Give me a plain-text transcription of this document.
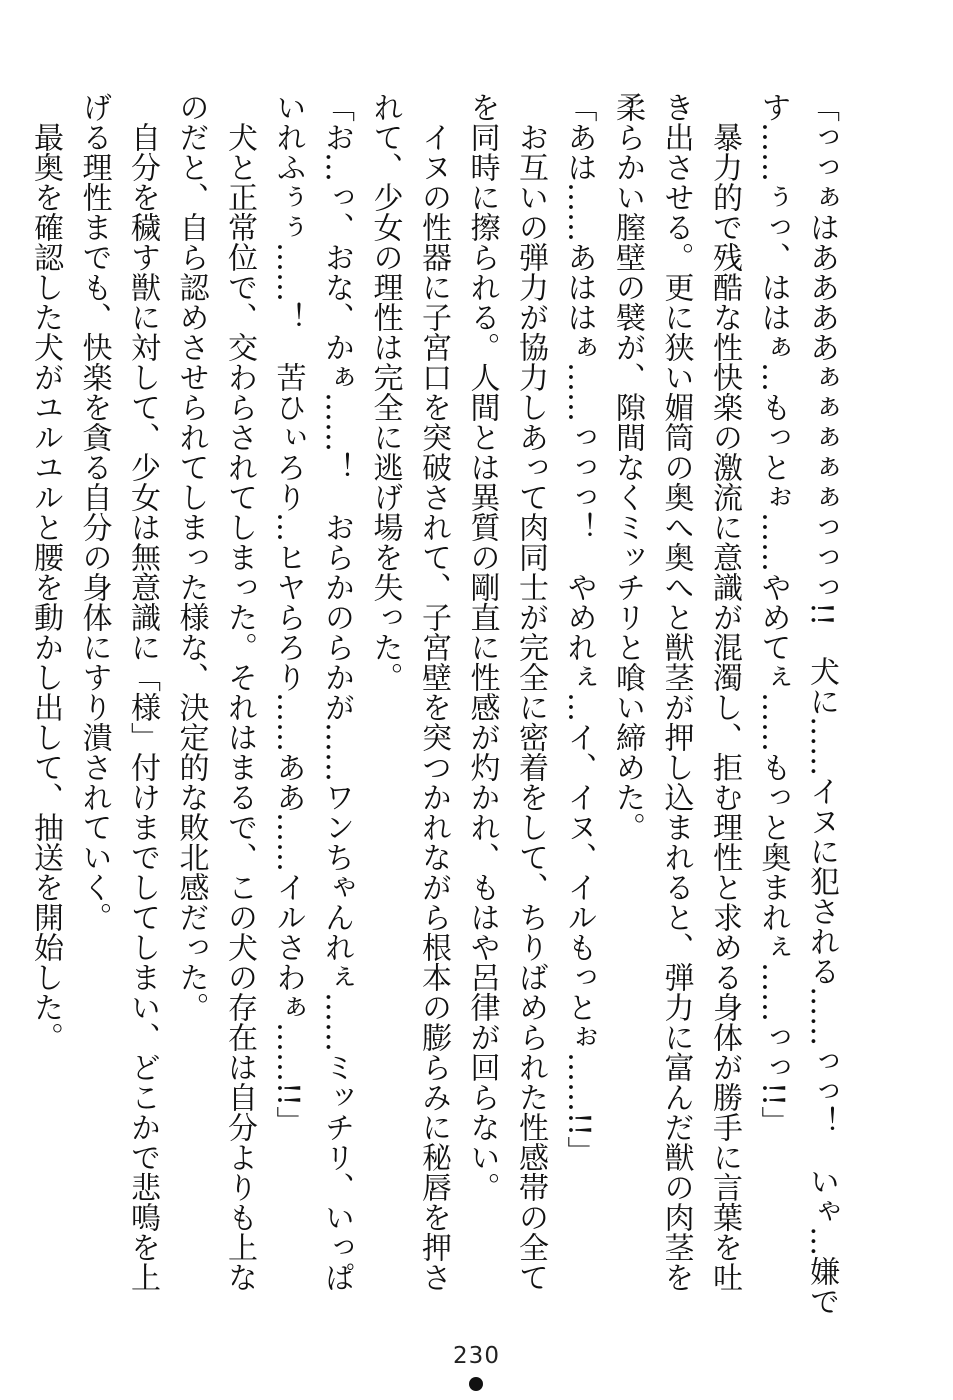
「っっぁはああああぁぁぁぁぁっっっ!!　犬に……イヌに犯される……っっ！　いゃ…嫌で
す……ぅっ、ははぁ…もっとぉ……やめてぇ……もっと奥まれぇ……っっ!!」
　暴力的で残酷な性快楽の激流に意識が混濁し、拒む理性と求める身体が勝手に言葉を吐
き出させる。更に狭い媚筒の奥へ奥へと獣茎が押し込まれると、弾力に富んだ獣の肉茎を
柔らかい膣壁の襞が、隙間なくミッチリと喰い締めた。
「あは……あははぁ……っっっ！　やめれぇ…イ、イヌ、イルもっとぉ……!!」
　お互いの弾力が協力しあって肉同士が完全に密着をして、ちりばめられた性感帯の全て
を同時に擦られる。人間とは異質の剛直に性感が灼かれ、もはや呂律が回らない。
　イヌの性器に子宮口を突破されて、子宮壁を突つかれながら根本の膨らみに秘唇を押さ
れて、少女の理性は完全に逃げ場を失った。
「お…っ、おな、かぁ……！　おらかのらかが……ワンちゃんれぇ……ミッチリ、いっぱ
いれふぅぅ……！　苦ひぃろり…ヒヤらろり……ああ……イルさわぁ……!!」
　犬と正常位で、交わらされてしまった。それはまるで、この犬の存在は自分よりも上な
のだと、自ら認めさせられてしまった様な、決定的な敗北感だった。
　自分を穢す獣に対して、少女は無意識に「様」付けまでしてしまい、どこかで悲鳴を上
げる理性までも、快楽を貪る自分の身体にすり潰されていく。
　最奥を確認した犬がユルユルと腰を動かし出して、抽送を開始した。
230
